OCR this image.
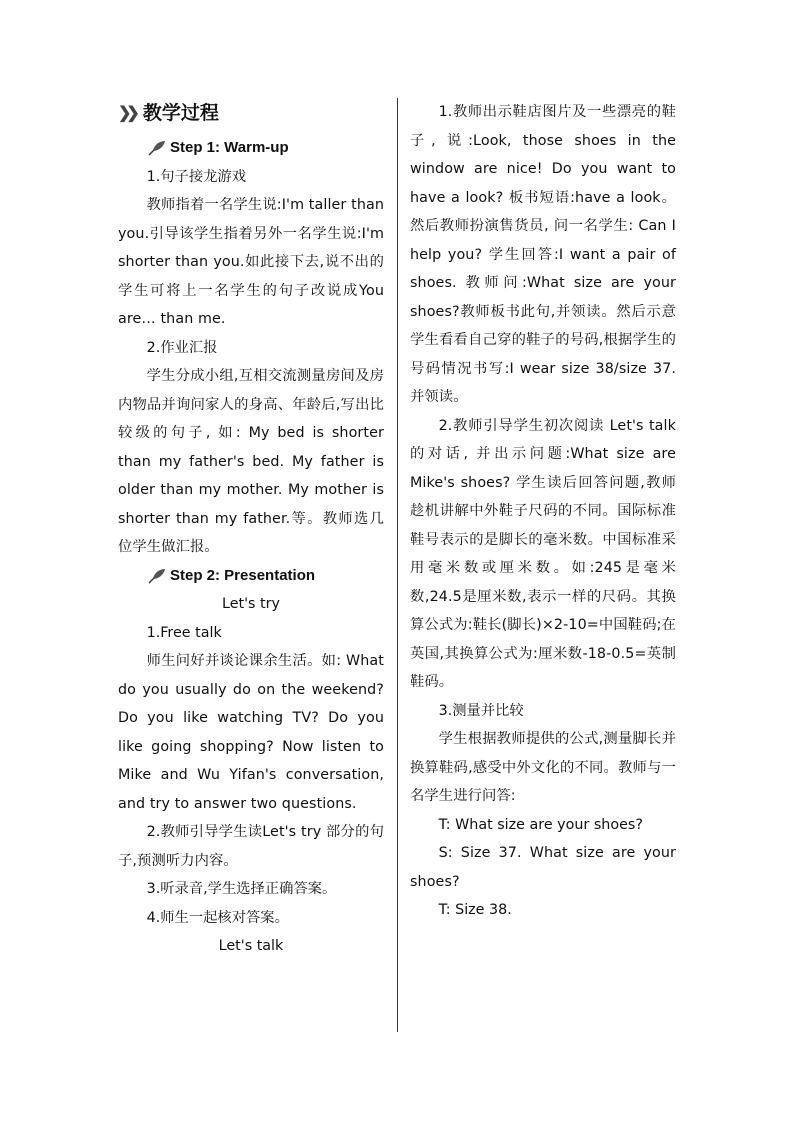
❯❯ 教学过程
Step 1: Warm-up

1.句子接龙游戏

教师指着一名学生说:I'm taller than you.引导该学生指着另外一名学生说:I'm shorter than you.如此接下去,说不出的学生可将上一名学生的句子改说成You are… than me.

2.作业汇报

学生分成小组,互相交流测量房间及房内物品并询问家人的身高、年龄后,写出比较级的句子, 如: My bed is shorter than my father's bed. My father is older than my mother. My mother is shorter than my father.等。教师选几位学生做汇报。

Step 2: Presentation

Let's try

1.Free talk

师生问好并谈论课余生活。如: What do you usually do on the weekend? Do you like watching TV? Do you like going shopping? Now listen to Mike and Wu Yifan's conversation, and try to answer two questions.

2.教师引导学生读Let's try 部分的句子,预测听力内容。

3.听录音,学生选择正确答案。

4.师生一起核对答案。

Let's talk

1.教师出示鞋店图片及一些漂亮的鞋子, 说:Look, those shoes in the window are nice! Do you want to have a look? 板书短语:have a look。然后教师扮演售货员, 问一名学生: Can I help you? 学生回答:I want a pair of shoes. 教师问:What size are your shoes?教师板书此句,并领读。然后示意学生看看自己穿的鞋子的号码,根据学生的号码情况书写:I wear size 38/size 37.并领读。

2.教师引导学生初次阅读 Let's talk 的对话, 并出示问题:What size are Mike's shoes? 学生读后回答问题,教师趁机讲解中外鞋子尺码的不同。国际标准鞋号表示的是脚长的毫米数。中国标准采用毫米数或厘米数。如:245是毫米数,24.5是厘米数,表示一样的尺码。其换算公式为:鞋长(脚长)×2-10=中国鞋码;在英国,其换算公式为:厘米数-18-0.5=英制鞋码。

3.测量并比较

学生根据教师提供的公式,测量脚长并换算鞋码,感受中外文化的不同。教师与一名学生进行问答:

T: What size are your shoes?

S: Size 37. What size are your shoes?

T: Size 38.
